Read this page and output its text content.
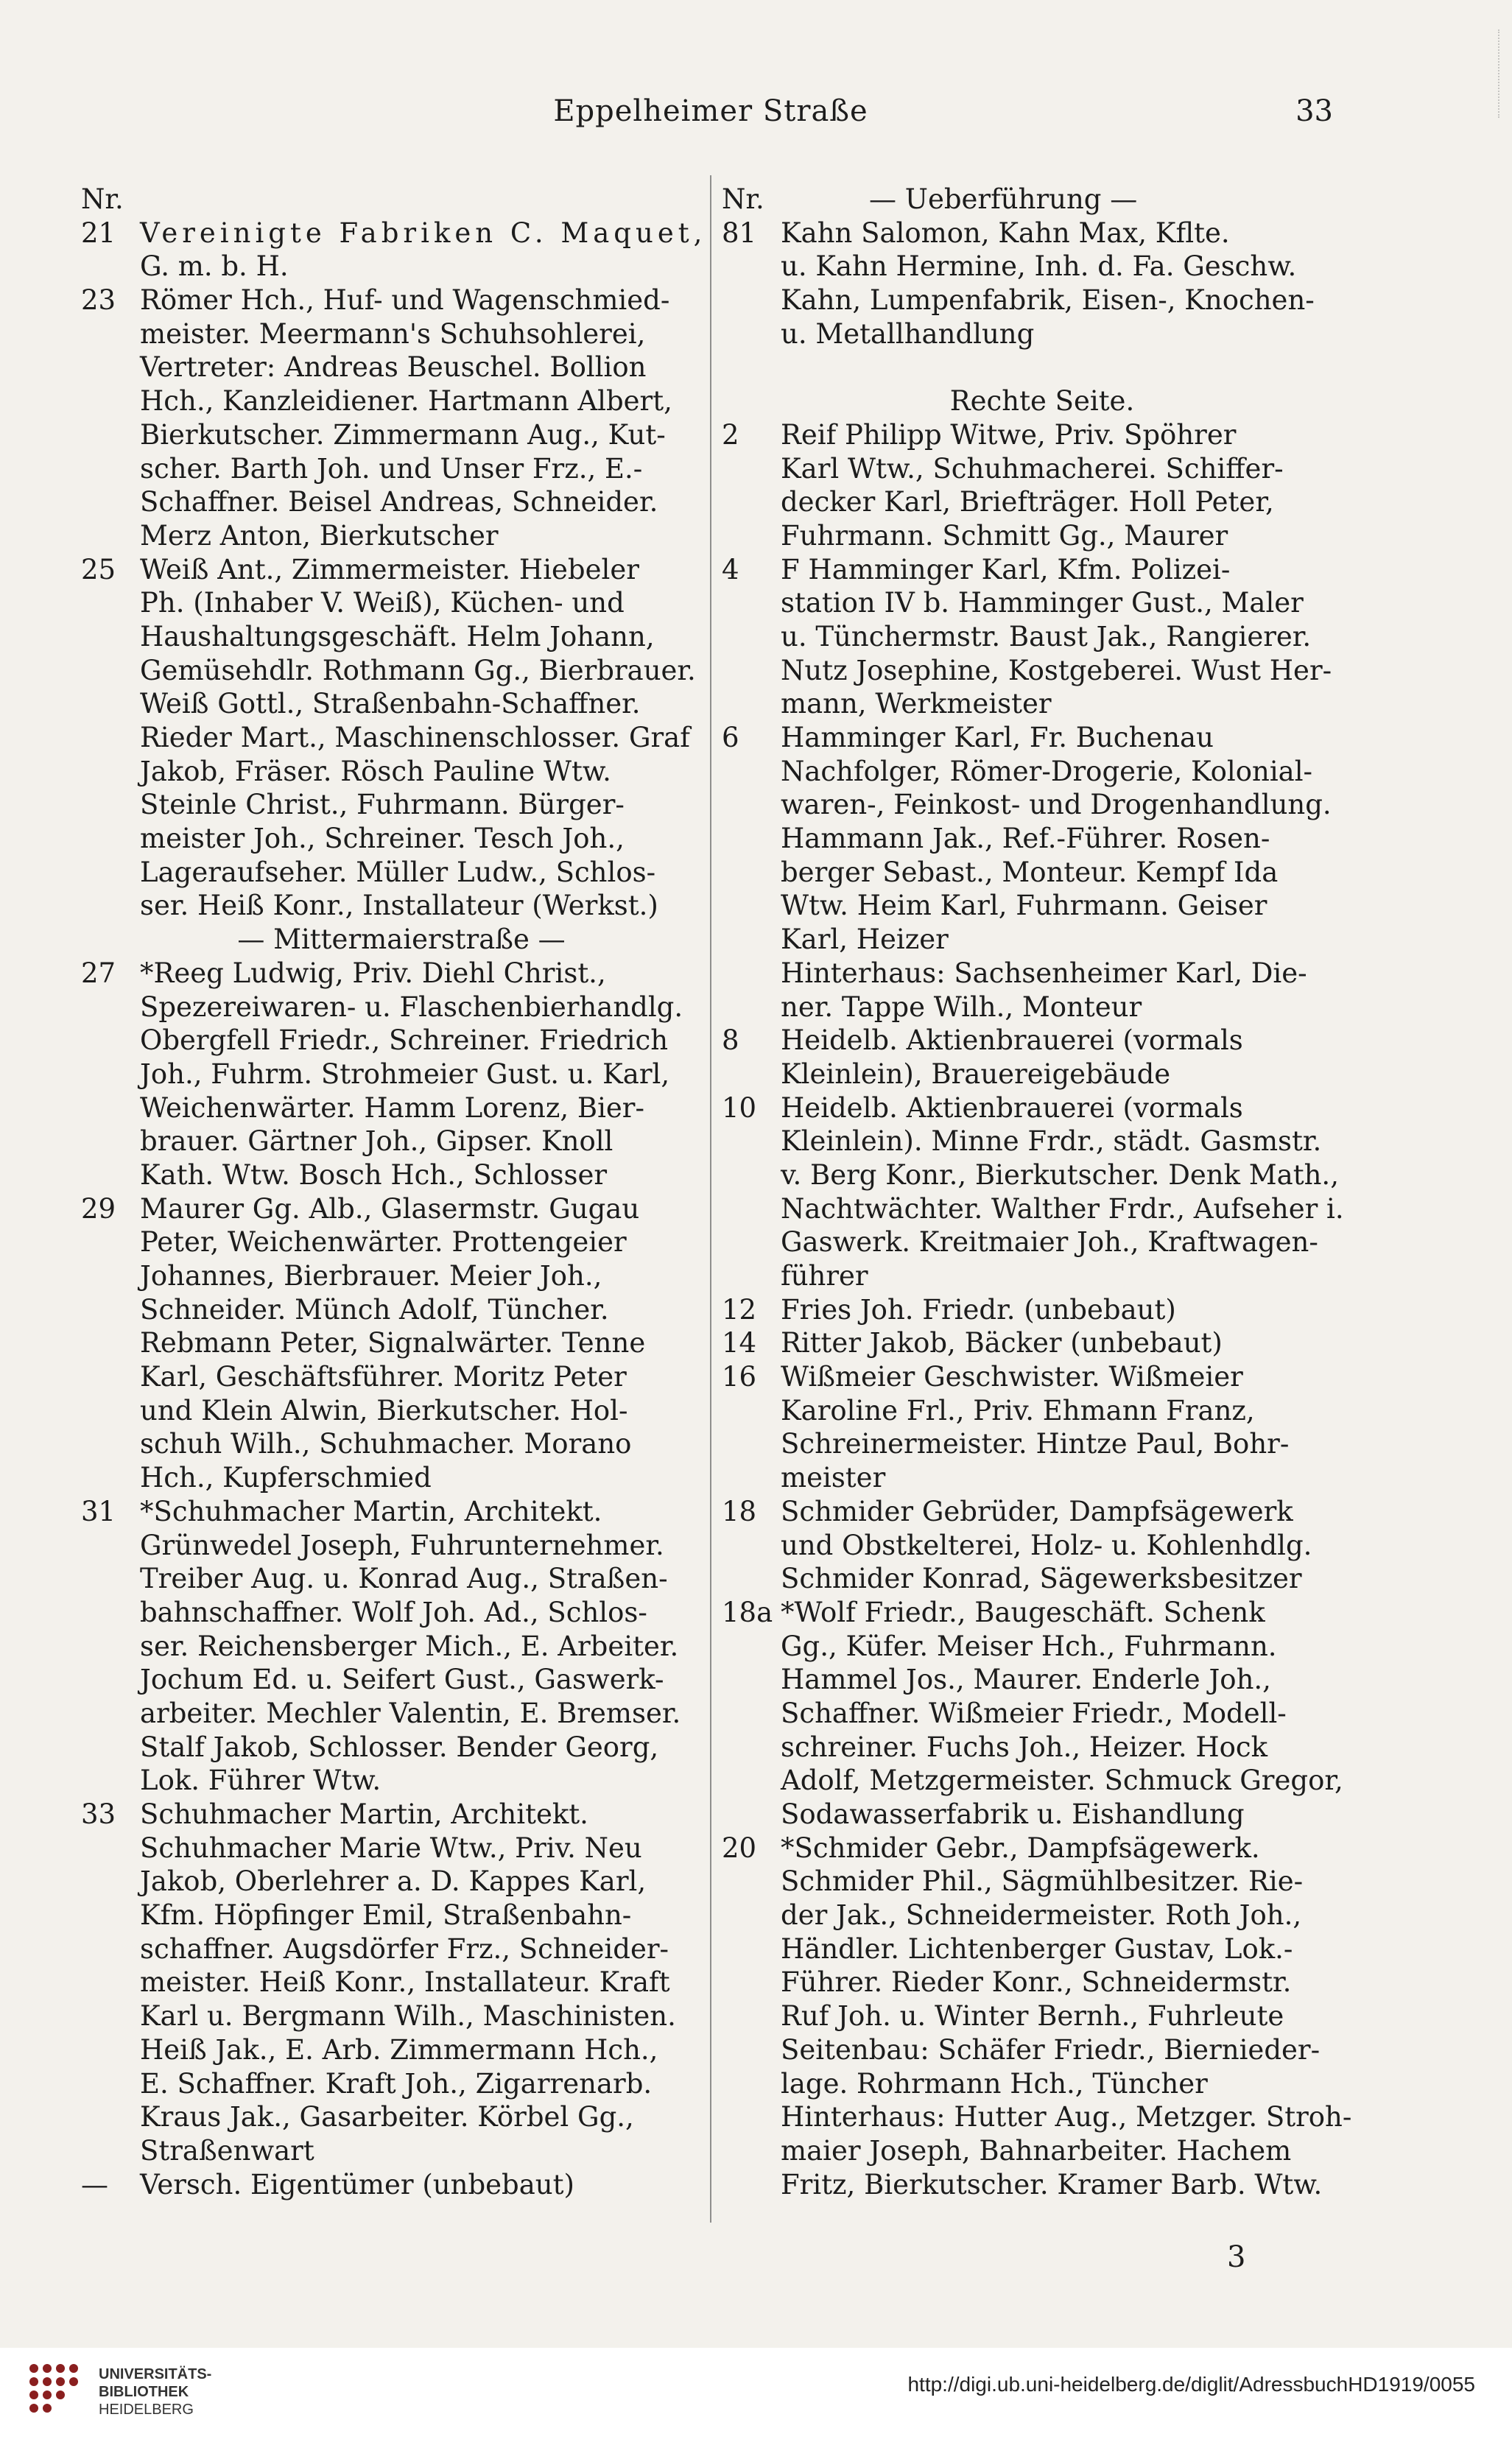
Eppelheimer Straße	33
Nr.
21 Vereinigte Fabriken C. Maquet,
G. m. b. H.
23 Römer Hch., Huf- und Wagenschmied-
meister. Meermann's Schuhsohlerei,
Vertreter: Andreas Beuschel. Bollion
Hch., Kanzleidiener. Hartmann Albert,
Bierkutscher. Zimmermann Aug., Kut-
scher. Barth Joh. und Unser Frz., E.-
Schaffner. Beisel Andreas, Schneider.
Merz Anton, Bierkutscher
25 Weiß Ant., Zimmermeister. Hiebeler
Ph. (Inhaber V. Weiß), Küchen- und
Haushaltungsgeschäft. Helm Johann,
Gemüsehdlr. Rothmann Gg., Bierbrauer.
Weiß Gottl., Straßenbahn-Schaffner.
Rieder Mart., Maschinenschlosser. Graf
Jakob, Fräser. Rösch Pauline Wtw.
Steinle Christ., Fuhrmann. Bürger-
meister Joh., Schreiner. Tesch Joh.,
Lageraufseher. Müller Ludw., Schlos-
ser. Heiß Konr., Installateur (Werkst.)
— Mittermaierstraße —
27 *Reeg Ludwig, Priv. Diehl Christ.,
Spezereiwaren- u. Flaschenbierhandlg.
Obergfell Friedr., Schreiner. Friedrich
Joh., Fuhrm. Strohmeier Gust. u. Karl,
Weichenwärter. Hamm Lorenz, Bier-
brauer. Gärtner Joh., Gipser. Knoll
Kath. Wtw. Bosch Hch., Schlosser
29 Maurer Gg. Alb., Glasermstr. Gugau
Peter, Weichenwärter. Prottengeier
Johannes, Bierbrauer. Meier Joh.,
Schneider. Münch Adolf, Tüncher.
Rebmann Peter, Signalwärter. Tenne
Karl, Geschäftsführer. Moritz Peter
und Klein Alwin, Bierkutscher. Hol-
schuh Wilh., Schuhmacher. Morano
Hch., Kupferschmied
31 *Schuhmacher Martin, Architekt.
Grünwedel Joseph, Fuhrunternehmer.
Treiber Aug. u. Konrad Aug., Straßen-
bahnschaffner. Wolf Joh. Ad., Schlos-
ser. Reichensberger Mich., E. Arbeiter.
Jochum Ed. u. Seifert Gust., Gaswerk-
arbeiter. Mechler Valentin, E. Bremser.
Stalf Jakob, Schlosser. Bender Georg,
Lok. Führer Wtw.
33 Schuhmacher Martin, Architekt.
Schuhmacher Marie Wtw., Priv. Neu
Jakob, Oberlehrer a. D. Kappes Karl,
Kfm. Höpfinger Emil, Straßenbahn-
schaffner. Augsdörfer Frz., Schneider-
meister. Heiß Konr., Installateur. Kraft
Karl u. Bergmann Wilh., Maschinisten.
Heiß Jak., E. Arb. Zimmermann Hch.,
E. Schaffner. Kraft Joh., Zigarrenarb.
Kraus Jak., Gasarbeiter. Körbel Gg.,
Straßenwart
—	Versch. Eigentümer (unbebaut)
Nr.	— Ueberführung —
81 Kahn Salomon, Kahn Max, Kflte.
u. Kahn Hermine, Inh. d. Fa. Geschw.
Kahn, Lumpenfabrik, Eisen-, Knochen-
u. Metallhandlung
Rechte Seite.
2	Reif Philipp Witwe, Priv. Spöhrer
Karl Wtw., Schuhmacherei. Schiffer-
decker Karl, Briefträger. Holl Peter,
Fuhrmann. Schmitt Gg., Maurer
4	F Hamminger Karl, Kfm. Polizei-
station IV b. Hamminger Gust., Maler
u. Tünchermstr. Baust Jak., Rangierer.
Nutz Josephine, Kostgeberei. Wust Her-
mann, Werkmeister
6	Hamminger Karl, Fr. Buchenau
Nachfolger, Römer-Drogerie, Kolonial-
waren-, Feinkost- und Drogenhandlung.
Hammann Jak., Ref.-Führer. Rosen-
berger Sebast., Monteur. Kempf Ida
Wtw. Heim Karl, Fuhrmann. Geiser
Karl, Heizer
Hinterhaus: Sachsenheimer Karl, Die-
ner. Tappe Wilh., Monteur
8	Heidelb. Aktienbrauerei (vormals
Kleinlein), Brauereigebäude
10 Heidelb. Aktienbrauerei (vormals
Kleinlein). Minne Frdr., städt. Gasmstr.
v. Berg Konr., Bierkutscher. Denk Math.,
Nachtwächter. Walther Frdr., Aufseher i.
Gaswerk. Kreitmaier Joh., Kraftwagen-
führer
12 Fries Joh. Friedr. (unbebaut)
14 Ritter Jakob, Bäcker (unbebaut)
16 Wißmeier Geschwister. Wißmeier
Karoline Frl., Priv. Ehmann Franz,
Schreinermeister. Hintze Paul, Bohr-
meister
18 Schmider Gebrüder, Dampfsägewerk
und Obstkelterei, Holz- u. Kohlenhdlg.
Schmider Konrad, Sägewerksbesitzer
18a *Wolf Friedr., Baugeschäft. Schenk
Gg., Küfer. Meiser Hch., Fuhrmann.
Hammel Jos., Maurer. Enderle Joh.,
Schaffner. Wißmeier Friedr., Modell-
schreiner. Fuchs Joh., Heizer. Hock
Adolf, Metzgermeister. Schmuck Gregor,
Sodawasserfabrik u. Eishandlung
20 *Schmider Gebr., Dampfsägewerk.
Schmider Phil., Sägmühlbesitzer. Rie-
der Jak., Schneidermeister. Roth Joh.,
Händler. Lichtenberger Gustav, Lok.-
Führer. Rieder Konr., Schneidermstr.
Ruf Joh. u. Winter Bernh., Fuhrleute
Seitenbau: Schäfer Friedr., Biernieder-
lage. Rohrmann Hch., Tüncher
Hinterhaus: Hutter Aug., Metzger. Stroh-
maier Joseph, Bahnarbeiter. Hachem
Fritz, Bierkutscher. Kramer Barb. Wtw.
3
UNIVERSITÄTS-
BIBLIOTHEK
HEIDELBERG
http://digi.ub.uni-heidelberg.de/diglit/AdressbuchHD1919/0055
